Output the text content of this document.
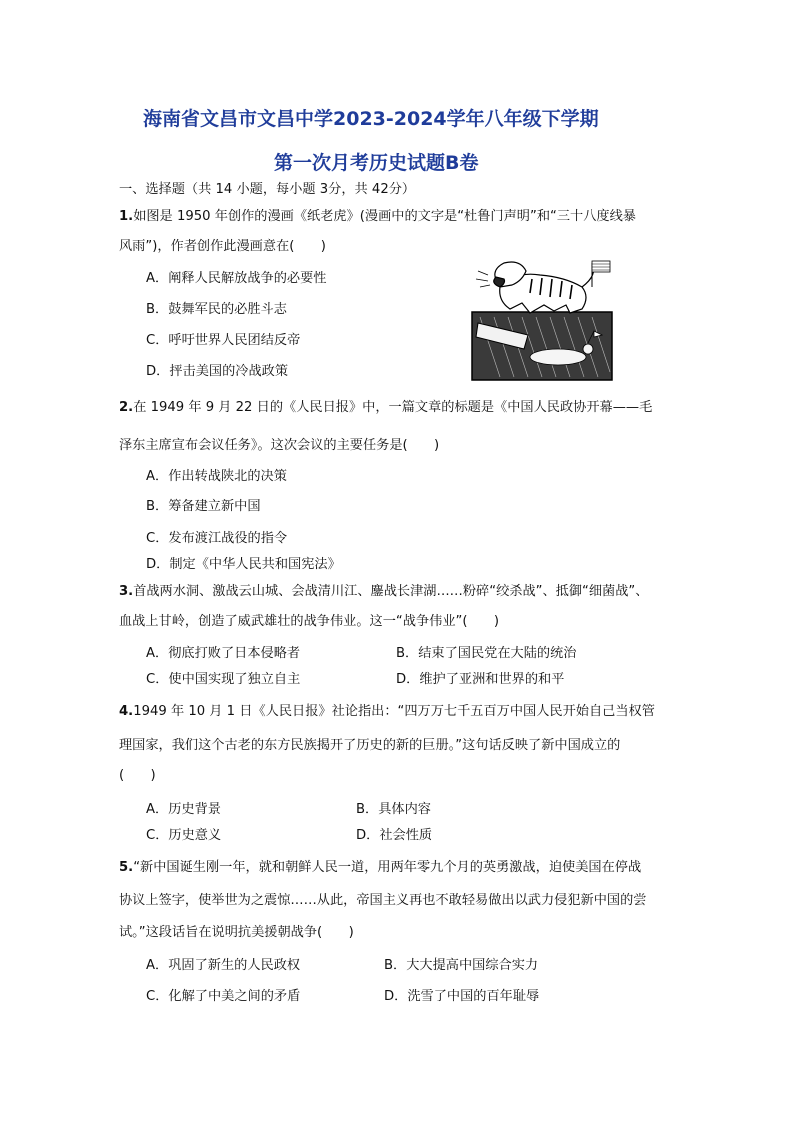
海南省文昌市文昌中学2023-2024学年八年级下学期
第一次月考历史试题B卷
一、选择题（共 14 小题，每小题 3分，共 42分）
1.如图是 1950 年创作的漫画《纸老虎》(漫画中的文字是“杜鲁门声明”和“三十八度线暴
风雨”)，作者创作此漫画意在(　　)
A．阐释人民解放战争的必要性
B．鼓舞军民的必胜斗志
C．呼吁世界人民团结反帝
D．抨击美国的冷战政策
2.在 1949 年 9 月 22 日的《人民日报》中，一篇文章的标题是《中国人民政协开幕——毛
泽东主席宣布会议任务》。这次会议的主要任务是(　　)
A．作出转战陕北的决策
B．筹备建立新中国
C．发布渡江战役的指令
D．制定《中华人民共和国宪法》
3.首战两水洞、激战云山城、会战清川江、鏖战长津湖……粉碎“绞杀战”、抵御“细菌战”、
血战上甘岭，创造了威武雄壮的战争伟业。这一“战争伟业”(　　)
A．彻底打败了日本侵略者	B．结束了国民党在大陆的统治
C．使中国实现了独立自主	D．维护了亚洲和世界的和平
4.1949 年 10 月 1 日《人民日报》社论指出：“四万万七千五百万中国人民开始自己当权管
理国家，我们这个古老的东方民族揭开了历史的新的巨册。”这句话反映了新中国成立的
(　　)
A．历史背景	B．具体内容
C．历史意义	D．社会性质
5.“新中国诞生刚一年，就和朝鲜人民一道，用两年零九个月的英勇激战，迫使美国在停战
协议上签字，使举世为之震惊……从此，帝国主义再也不敢轻易做出以武力侵犯新中国的尝
试。”这段话旨在说明抗美援朝战争(　　)
A．巩固了新生的人民政权	B．大大提高中国综合实力
C．化解了中美之间的矛盾	D．洗雪了中国的百年耻辱
